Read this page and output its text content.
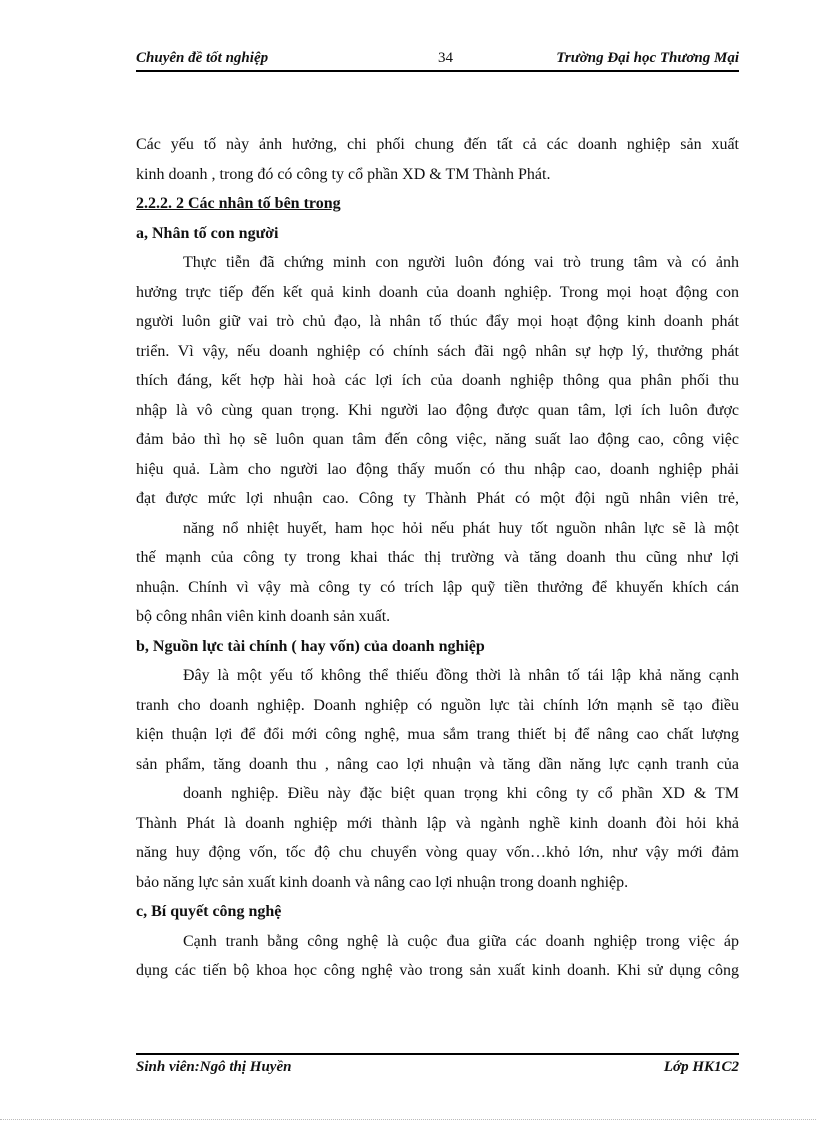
Chuyên đề tốt nghiệp	34	Trường Đại học Thương Mại
Các yếu tố này ảnh hưởng, chi phối chung đến tất cả các doanh nghiệp sản xuất
kinh doanh , trong đó có công ty cổ phần XD & TM Thành Phát.
2.2.2. 2 Các nhân tố bên trong
a, Nhân tố con người
Thực tiễn đã chứng minh con người luôn đóng vai trò trung tâm và có ảnh
hưởng trực tiếp đến kết quả kinh doanh của doanh nghiệp. Trong mọi hoạt động con
người luôn giữ vai trò chủ đạo, là nhân tố thúc đẩy mọi hoạt động kinh doanh phát
triển. Vì vậy, nếu doanh nghiệp có chính sách đãi ngộ nhân sự hợp lý, thưởng phát
thích đáng, kết hợp hài hoà các lợi ích của doanh nghiệp thông qua phân phối thu
nhập là vô cùng quan trọng. Khi người lao động được quan tâm, lợi ích luôn được
đảm bảo thì họ sẽ luôn quan tâm đến công việc, năng suất lao động cao, công việc
hiệu quả. Làm cho người lao động thấy muốn có thu nhập cao, doanh nghiệp phải
đạt được mức lợi nhuận cao. Công ty Thành Phát có một đội ngũ nhân viên trẻ,
năng nổ nhiệt huyết, ham học hỏi nếu phát huy tốt nguồn nhân lực sẽ là một
thế mạnh của công ty trong khai thác thị trường và tăng doanh thu cũng như lợi
nhuận. Chính vì vậy mà công ty có trích lập quỹ tiền thưởng để khuyến khích cán
bộ công nhân viên kinh doanh sản xuất.
b, Nguồn lực tài chính ( hay vốn) của doanh nghiệp
Đây là một yếu tố không thể thiếu đồng thời là nhân tố tái lập khả năng cạnh
tranh cho doanh nghiệp. Doanh nghiệp có nguồn lực tài chính lớn mạnh sẽ tạo điều
kiện thuận lợi để đổi mới công nghệ, mua sắm trang thiết bị để nâng cao chất lượng
sản phẩm, tăng doanh thu , nâng cao lợi nhuận và tăng dần năng lực cạnh tranh của
doanh nghiệp. Điều này đặc biệt quan trọng khi công ty cổ phần XD & TM
Thành Phát là doanh nghiệp mới thành lập và ngành nghề kinh doanh đòi hỏi khả
năng huy động vốn, tốc độ chu chuyển vòng quay vốn…khỏ lớn, như vậy mới đảm
bảo năng lực sản xuất kinh doanh và nâng cao lợi nhuận trong doanh nghiệp.
c, Bí quyết công nghệ
Cạnh tranh bằng công nghệ là cuộc đua giữa các doanh nghiệp trong việc áp
dụng các tiến bộ khoa học công nghệ vào trong sản xuất kinh doanh. Khi sử dụng công
Sinh viên:Ngô thị Huyền	Lớp HK1C2
